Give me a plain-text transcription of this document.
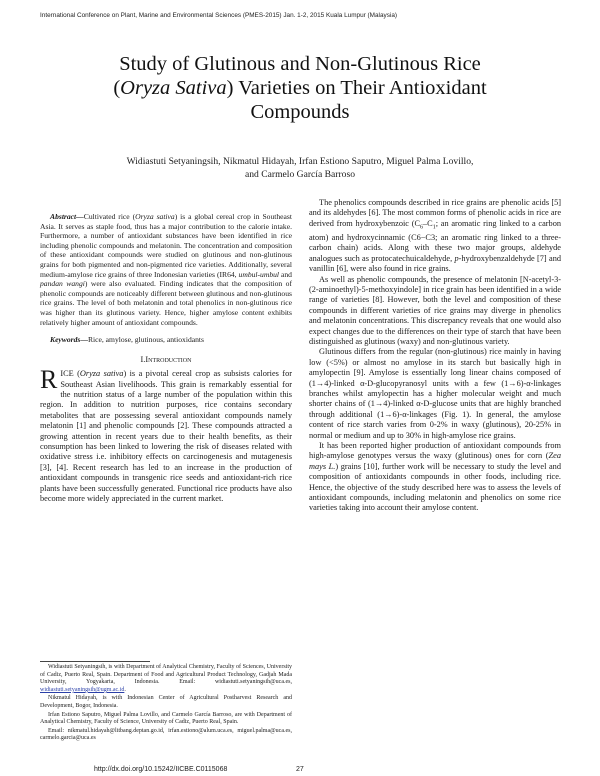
International Conference on Plant, Marine and Environmental Sciences (PMES-2015) Jan. 1-2, 2015 Kuala Lumpur (Malaysia)
Study of Glutinous and Non-Glutinous Rice
(Oryza Sativa) Varieties on Their Antioxidant
Compounds
Widiastuti Setyaningsih, Nikmatul Hidayah, Irfan Estiono Saputro, Miguel Palma Lovillo,
and Carmelo García Barroso

Abstract—Cultivated rice (Oryza sativa) is a global cereal crop in Southeast Asia. It serves as staple food, thus has a major contribution to the calorie intake. Furthermore, a number of antioxidant substances have been identified in rice including phenolic compounds and melatonin. The concentration and composition of these antioxidant compounds were studied on glutinous and non-glutinous grains for both pigmented and non-pigmented rice varieties. Additionally, several medium-amylose rice grains of three Indonesian varieties (IR64, umbul-umbul and pandan wangi) were also evaluated. Finding indicates that the composition of phenolic compounds are noticeably different between glutinous and non-glutinous rice grains. The level of both melatonin and total phenolics in non-glutinous rice was higher than its glutinous variety. Hence, higher amylose content exhibits relatively higher amount of antioxidant compounds.

Keywords—Rice, amylose, glutinous, antioxidants

I.Introduction

RICE (Oryza sativa) is a pivotal cereal crop as subsists calories for Southeast Asian livelihoods. This grain is remarkably essential for the nutrition status of a large number of the population within this region. In addition to nutrition purposes, rice contains secondary metabolites that are possessing several antioxidant compounds namely melatonin [1] and phenolic compounds [2]. These compounds attracted a growing attention in recent years due to their health benefits, as their consumption has been linked to lowering the risk of diseases related with oxidative stress i.e. inhibitory effects on carcinogenesis and mutagenesis [3], [4]. Recent research has led to an increase in the production of antioxidant compounds in transgenic rice seeds and antioxidant-rich rice plants have been successfully generated. Functional rice products have also become more widely appreciated in the current market.

The phenolics compounds described in rice grains are phenolic acids [5] and its aldehydes [6]. The most common forms of phenolic acids in rice are derived from hydroxybenzoic ($C_6-C_1$; an aromatic ring linked to a carbon atom) and hydroxycinnamic (C6−C3; an aromatic ring linked to a three-carbon chain) acids. Along with these two major groups, aldehyde analogues such as protocatechuicaldehyde, p-hydroxybenzaldehyde [7] and vanillin [6], were also found in rice grains.

As well as phenolic compounds, the presence of melatonin [N-acetyl-3-(2-aminoethyl)-5-methoxyindole] in rice grain has been identified in a wide range of varieties [8]. However, both the level and composition of these compounds in different varieties of rice grains may diverge in phenolics and melatonin concentrations. This discrepancy reveals that one would also expect changes due to the differences on their type of starch that have been distinguished as glutinous (waxy) and non-glutinous variety.

Glutinous differs from the regular (non-glutinous) rice mainly in having low (<5%) or almost no amylose in its starch but basically high in amylopectin [9]. Amylose is essentially long linear chains composed of (1→4)-linked α-D-glucopyranosyl units with a few (1→6)-α-linkages branches whilst amylopectin has a higher molecular weight and much shorter chains of (1→4)-linked α-D-glucose units that are highly branched through additional (1→6)-α-linkages (Fig. 1). In general, the amylose content of rice starch varies from 0-2% in waxy (glutinous), 20-25% in normal or medium and up to 30% in high-amylose rice grains.

It has been reported higher production of antioxidant compounds from high-amylose genotypes versus the waxy (glutinous) ones for corn (Zea mays L.) grains [10], further work will be necessary to study the level and composition of antioxidants compounds in other foods, including rice. Hence, the objective of the study described here was to assess the levels of antioxidant compounds, including melatonin and phenolics on some rice varieties taking into account their amylose content.

Widiastuti Setyaningsih, is with Department of Analytical Chemistry, Faculty of Sciences, University of Cadiz, Puerto Real, Spain. Department of Food and Agricultural Product Technology, Gadjah Mada University, Yogyakarta, Indonesia. Email: widiastuti.setyaningsih@uca.es, widiastuti.setyaningsih@ugm.ac.id.

Nikmatul Hidayah, is with Indonesian Center of Agricultural Postharvest Research and Development, Bogor, Indonesia.

Irfan Estiono Saputro, Miguel Palma Lovillo, and Carmelo García Barroso, are with Department of Analytical Chemistry, Faculty of Science, University of Cadiz, Puerto Real, Spain.

Email: nikmatul.hidayah@litbang.deptan.go.id, irfan.estiono@alum.uca.es, miguel.palma@uca.es, carmelo.garcia@uca.es

http://dx.doi.org/10.15242/IICBE.C0115068	27
